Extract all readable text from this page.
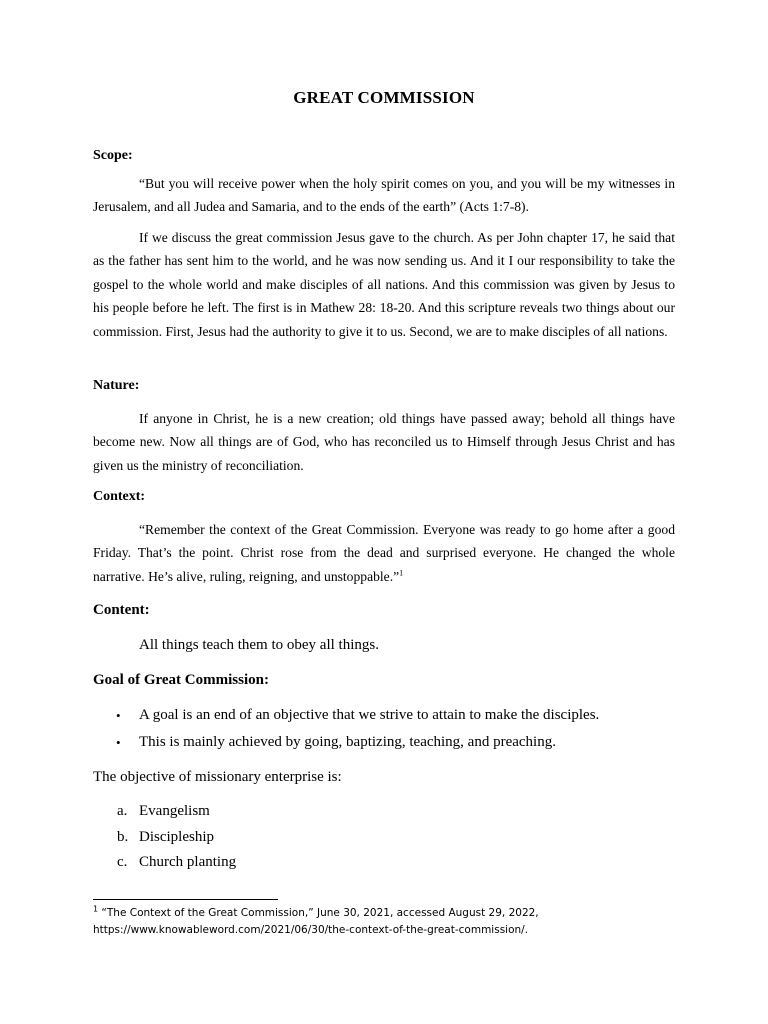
GREAT COMMISSION
Scope:

“But you will receive power when the holy spirit comes on you, and you will be my witnesses in Jerusalem, and all Judea and Samaria, and to the ends of the earth” (Acts 1:7-8).

If we discuss the great commission Jesus gave to the church. As per John chapter 17, he said that as the father has sent him to the world, and he was now sending us. And it I our responsibility to take the gospel to the whole world and make disciples of all nations. And this commission was given by Jesus to his people before he left. The first is in Mathew 28: 18-20. And this scripture reveals two things about our commission. First, Jesus had the authority to give it to us. Second, we are to make disciples of all nations.

Nature:

If anyone in Christ, he is a new creation; old things have passed away; behold all things have become new. Now all things are of God, who has reconciled us to Himself through Jesus Christ and has given us the ministry of reconciliation.

Context:

“Remember the context of the Great Commission. Everyone was ready to go home after a good Friday. That’s the point. Christ rose from the dead and surprised everyone. He changed the whole narrative. He’s alive, ruling, reigning, and unstoppable.”$^1$

Content:
All things teach them to obey all things.
Goal of Great Commission:
• A goal is an end of an objective that we strive to attain to make the disciples.
• This is mainly achieved by going, baptizing, teaching, and preaching.
The objective of missionary enterprise is:
a. Evangelism
b. Discipleship
c. Church planting
$^1$ “The Context of the Great Commission,” June 30, 2021, accessed August 29, 2022, https://www.knowableword.com/2021/06/30/the-context-of-the-great-commission/.
